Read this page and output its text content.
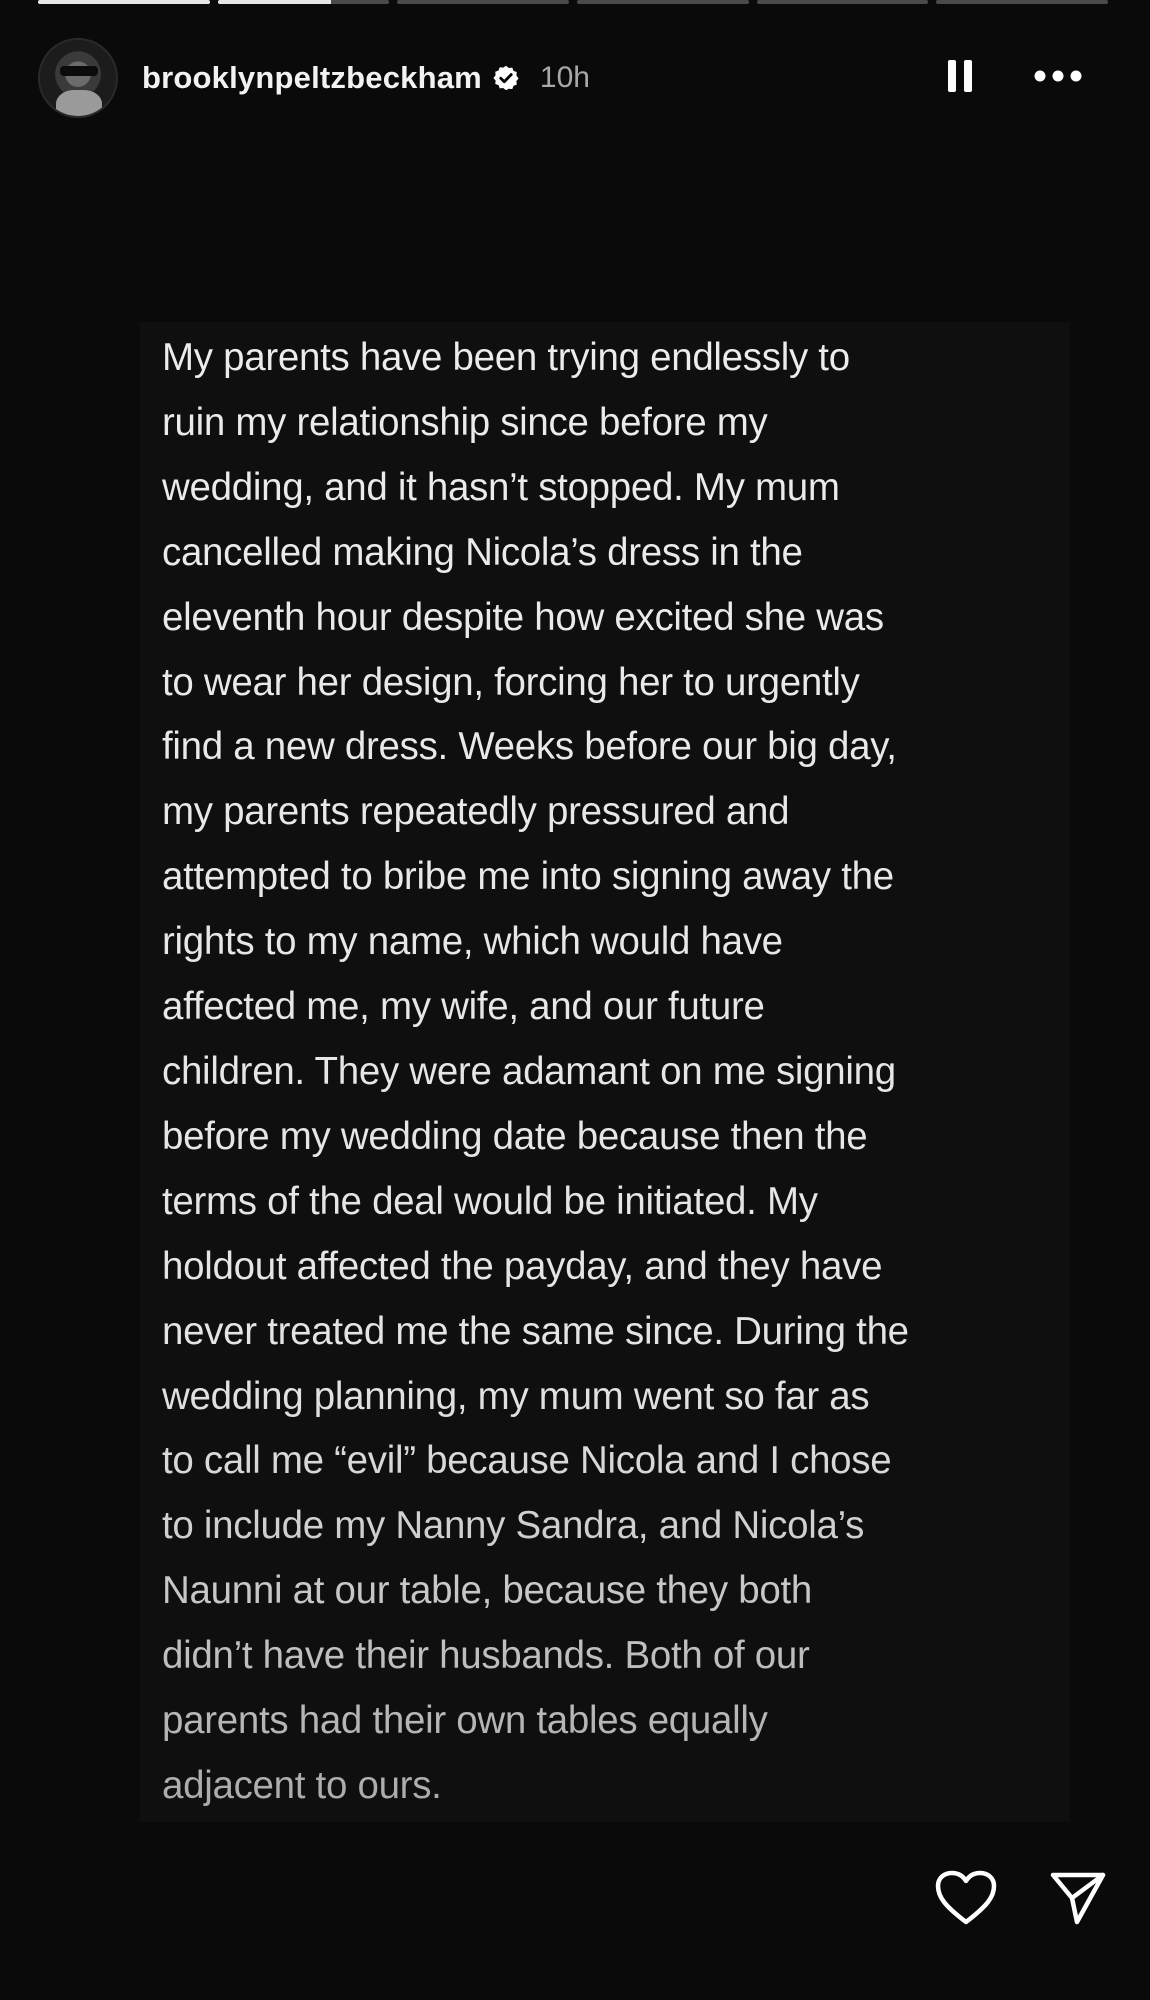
brooklynpeltzbeckham 10h
My parents have been trying endlessly to
ruin my relationship since before my
wedding, and it hasn’t stopped. My mum
cancelled making Nicola’s dress in the
eleventh hour despite how excited she was
to wear her design, forcing her to urgently
find a new dress. Weeks before our big day,
my parents repeatedly pressured and
attempted to bribe me into signing away the
rights to my name, which would have
affected me, my wife, and our future
children. They were adamant on me signing
before my wedding date because then the
terms of the deal would be initiated. My
holdout affected the payday, and they have
never treated me the same since. During the
wedding planning, my mum went so far as
to call me “evil” because Nicola and I chose
to include my Nanny Sandra, and Nicola’s
Naunni at our table, because they both
didn’t have their husbands. Both of our
parents had their own tables equally
adjacent to ours.
